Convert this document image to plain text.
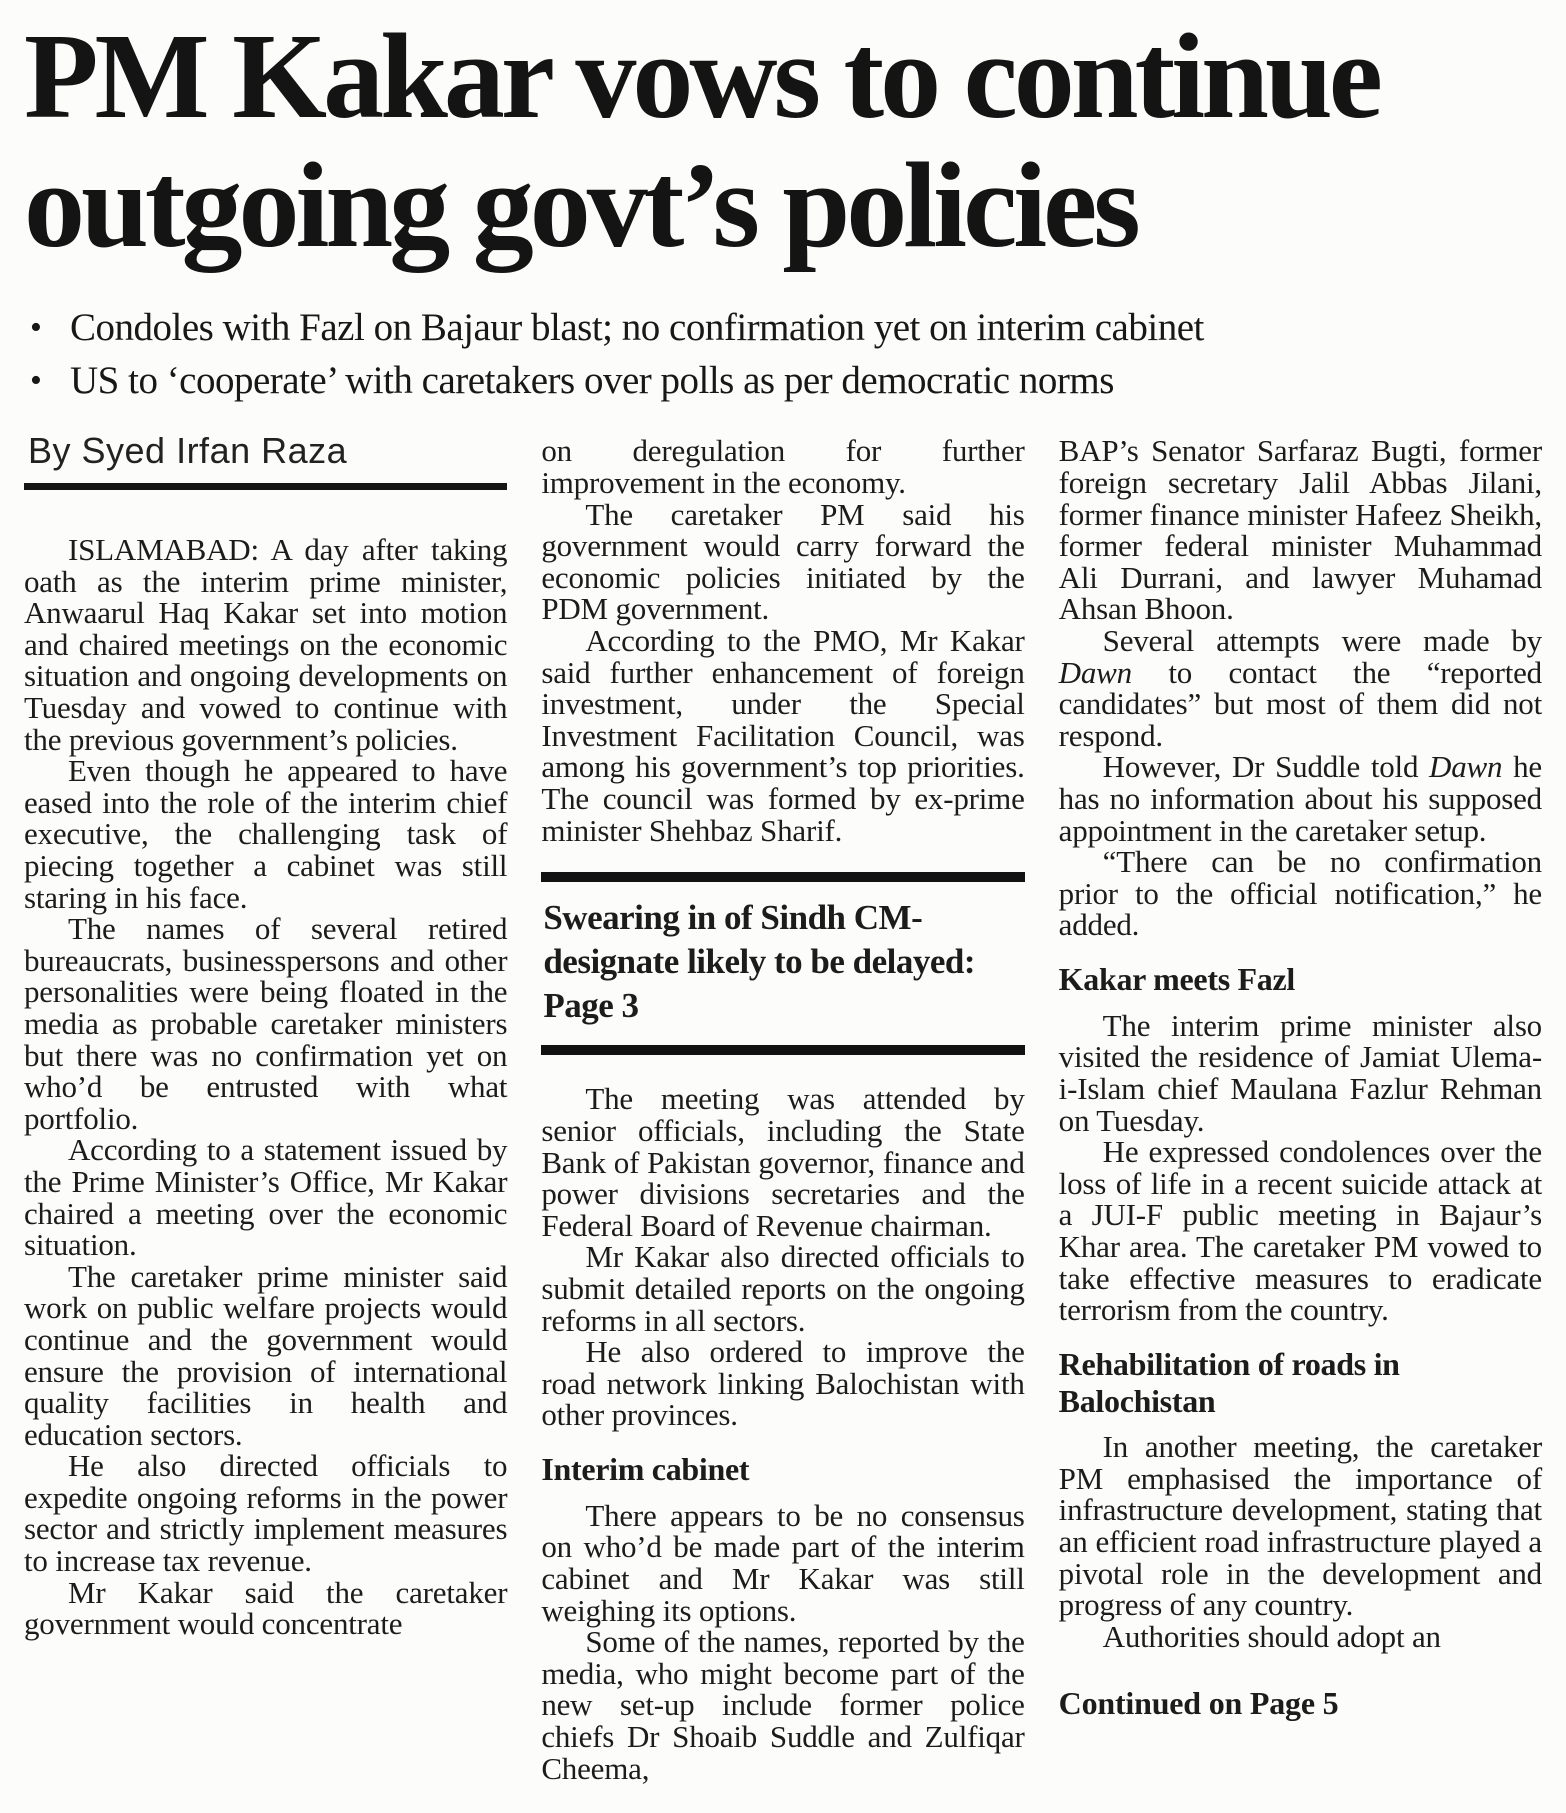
PM Kakar vows to continue
outgoing govt’s policies
• Condoles with Fazl on Bajaur blast; no confirmation yet on interim cabinet
• US to ‘cooperate’ with caretakers over polls as per democratic norms
By Syed Irfan Raza

ISLAMABAD: A day after taking oath as the interim prime minister, Anwaarul Haq Kakar set into motion and chaired meetings on the economic situation and ongoing developments on Tuesday and vowed to continue with the previous government’s policies.

Even though he appeared to have eased into the role of the interim chief executive, the challenging task of piecing together a cabinet was still staring in his face.

The names of several retired bureaucrats, businesspersons and other personalities were being floated in the media as probable caretaker ministers but there was no confirmation yet on who’d be entrusted with what portfolio.

According to a statement issued by the Prime Minister’s Office, Mr Kakar chaired a meeting over the economic situation.

The caretaker prime minister said work on public welfare projects would continue and the government would ensure the provision of international quality facilities in health and education sectors.

He also directed officials to expedite ongoing reforms in the power sector and strictly implement measures to increase tax revenue.

Mr Kakar said the caretaker government would concentrate

on deregulation for further improvement in the economy.

The caretaker PM said his government would carry forward the economic policies initiated by the PDM government.

According to the PMO, Mr Kakar said further enhancement of foreign investment, under the Special Investment Facilitation Council, was among his government’s top priorities. The council was formed by ex-prime minister Shehbaz Sharif.

Swearing in of Sindh CM-designate likely to be delayed: Page 3

The meeting was attended by senior officials, including the State Bank of Pakistan governor, finance and power divisions secretaries and the Federal Board of Revenue chairman.

Mr Kakar also directed officials to submit detailed reports on the ongoing reforms in all sectors.

He also ordered to improve the road network linking Balochistan with other provinces.

Interim cabinet

There appears to be no consensus on who’d be made part of the interim cabinet and Mr Kakar was still weighing its options.

Some of the names, reported by the media, who might become part of the new set-up include former police chiefs Dr Shoaib Suddle and Zulfiqar Cheema,

BAP’s Senator Sarfaraz Bugti, former foreign secretary Jalil Abbas Jilani, former finance minister Hafeez Sheikh, former federal minister Muhammad Ali Durrani, and lawyer Muhamad Ahsan Bhoon.

Several attempts were made by Dawn to contact the “reported candidates” but most of them did not respond.

However, Dr Suddle told Dawn he has no information about his supposed appointment in the caretaker setup.

“There can be no confirmation prior to the official notification,” he added.

Kakar meets Fazl

The interim prime minister also visited the residence of Jamiat Ulema-i-Islam chief Maulana Fazlur Rehman on Tuesday.

He expressed condolences over the loss of life in a recent suicide attack at a JUI-F public meeting in Bajaur’s Khar area. The caretaker PM vowed to take effective measures to eradicate terrorism from the country.

Rehabilitation of roads in Balochistan

In another meeting, the caretaker PM emphasised the importance of infrastructure development, stating that an efficient road infrastructure played a pivotal role in the development and progress of any country.

Authorities should adopt an

Continued on Page 5
